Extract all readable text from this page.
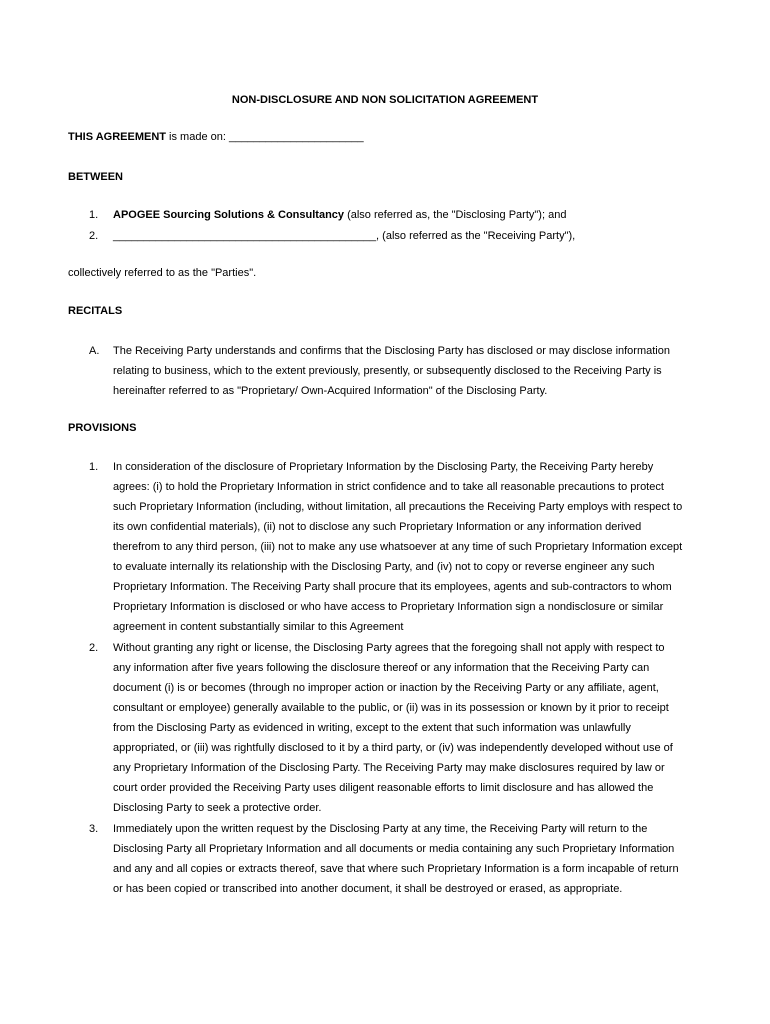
NON-DISCLOSURE AND NON SOLICITATION AGREEMENT
THIS AGREEMENT is made on: ______________________
BETWEEN
1. APOGEE Sourcing Solutions & Consultancy (also referred as, the "Disclosing Party"); and
2. ___________________________________________, (also referred as the "Receiving Party"),
collectively referred to as the "Parties".
RECITALS
A. The Receiving Party understands and confirms that the Disclosing Party has disclosed or may disclose information

relating to business, which to the extent previously, presently, or subsequently disclosed to the Receiving Party is

hereinafter referred to as "Proprietary/ Own-Acquired Information" of the Disclosing Party.

PROVISIONS
1. In consideration of the disclosure of Proprietary Information by the Disclosing Party, the Receiving Party hereby

agrees: (i) to hold the Proprietary Information in strict confidence and to take all reasonable precautions to protect

such Proprietary Information (including, without limitation, all precautions the Receiving Party employs with respect to

its own confidential materials), (ii) not to disclose any such Proprietary Information or any information derived

therefrom to any third person, (iii) not to make any use whatsoever at any time of such Proprietary Information except

to evaluate internally its relationship with the Disclosing Party, and (iv) not to copy or reverse engineer any such

Proprietary Information. The Receiving Party shall procure that its employees, agents and sub-contractors to whom

Proprietary Information is disclosed or who have access to Proprietary Information sign a nondisclosure or similar

agreement in content substantially similar to this Agreement

2. Without granting any right or license, the Disclosing Party agrees that the foregoing shall not apply with respect to

any information after five years following the disclosure thereof or any information that the Receiving Party can

document (i) is or becomes (through no improper action or inaction by the Receiving Party or any affiliate, agent,

consultant or employee) generally available to the public, or (ii) was in its possession or known by it prior to receipt

from the Disclosing Party as evidenced in writing, except to the extent that such information was unlawfully

appropriated, or (iii) was rightfully disclosed to it by a third party, or (iv) was independently developed without use of

any Proprietary Information of the Disclosing Party. The Receiving Party may make disclosures required by law or

court order provided the Receiving Party uses diligent reasonable efforts to limit disclosure and has allowed the

Disclosing Party to seek a protective order.

3. Immediately upon the written request by the Disclosing Party at any time, the Receiving Party will return to the

Disclosing Party all Proprietary Information and all documents or media containing any such Proprietary Information

and any and all copies or extracts thereof, save that where such Proprietary Information is a form incapable of return

or has been copied or transcribed into another document, it shall be destroyed or erased, as appropriate.
